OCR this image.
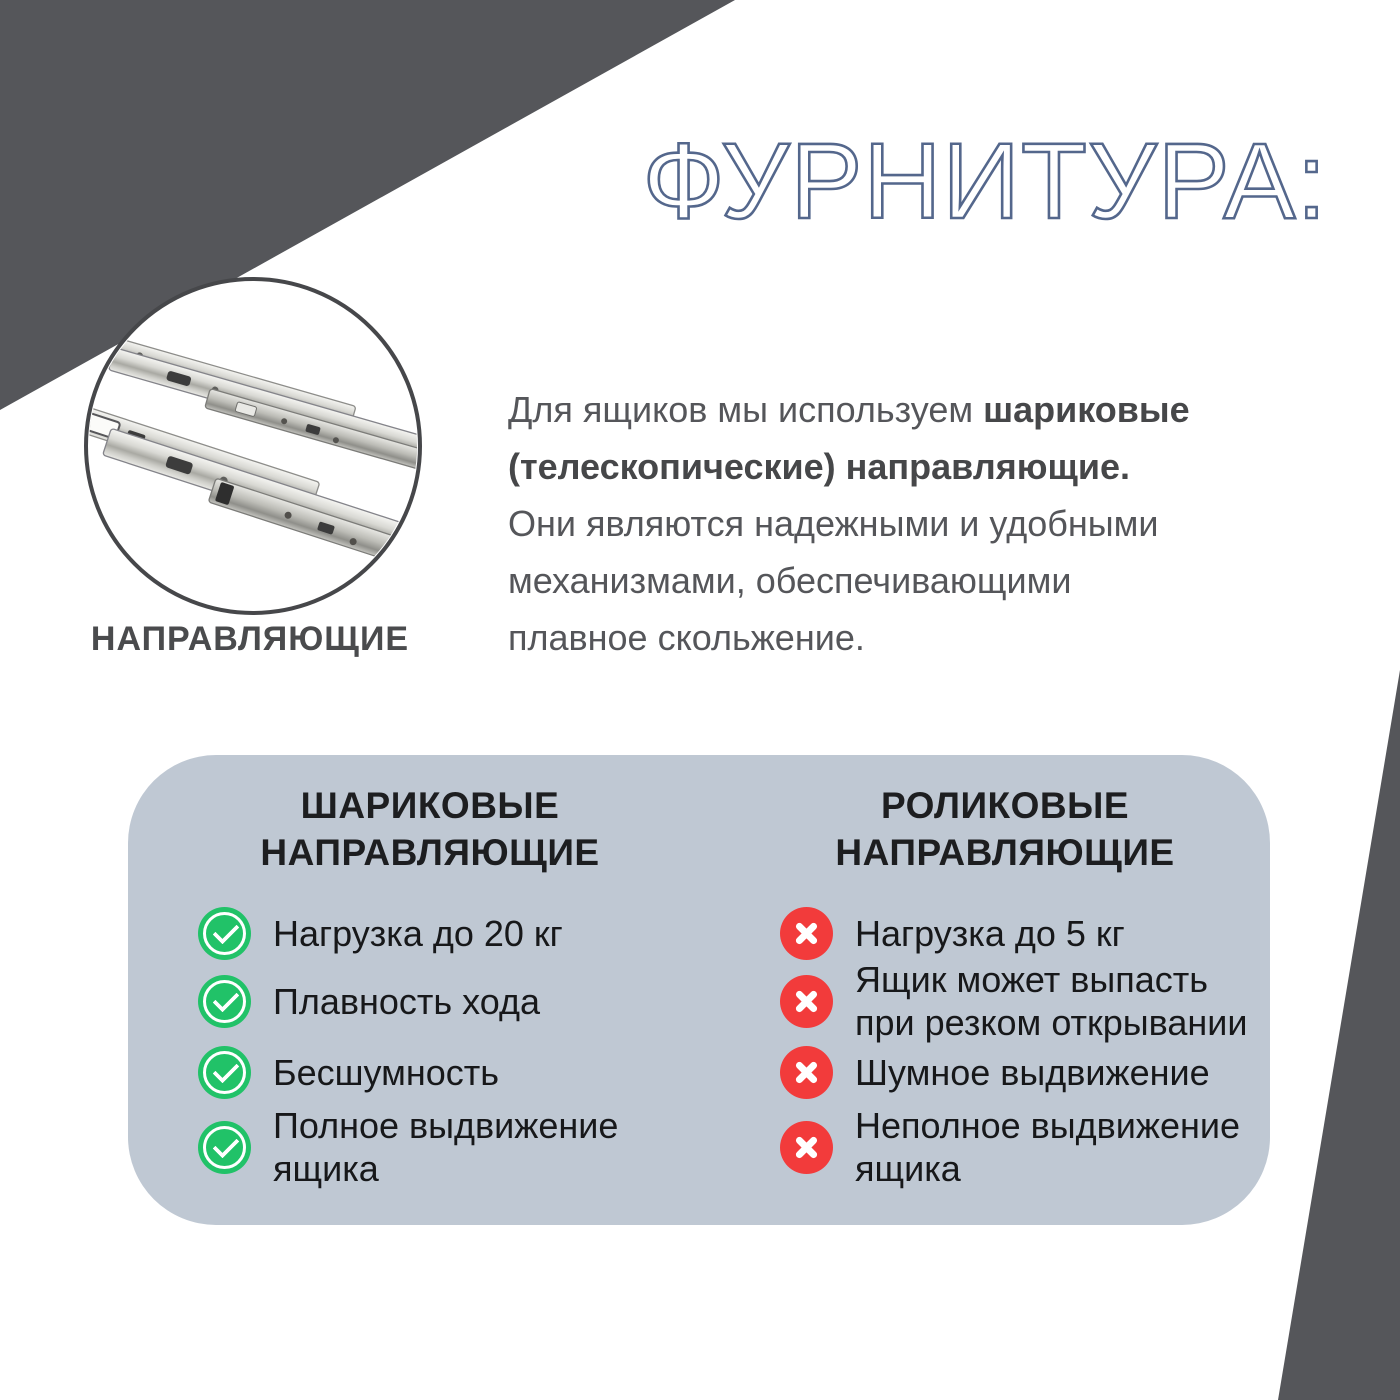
ФУРНИТУРА:
НАПРАВЛЯЮЩИЕ
Для ящиков мы используем шариковые
(телескопические) направляющие.
Они являются надежными и удобными
механизмами, обеспечивающими
плавное скольжение.
ШАРИКОВЫЕ
НАПРАВЛЯЮЩИЕ
РОЛИКОВЫЕ
НАПРАВЛЯЮЩИЕ
Нагрузка до 20 кг
Плавность хода
Бесшумность
Полное выдвижение
ящика
Нагрузка до 5 кг
Ящик может выпасть
при резком открывании
Шумное выдвижение
Неполное выдвижение
ящика
